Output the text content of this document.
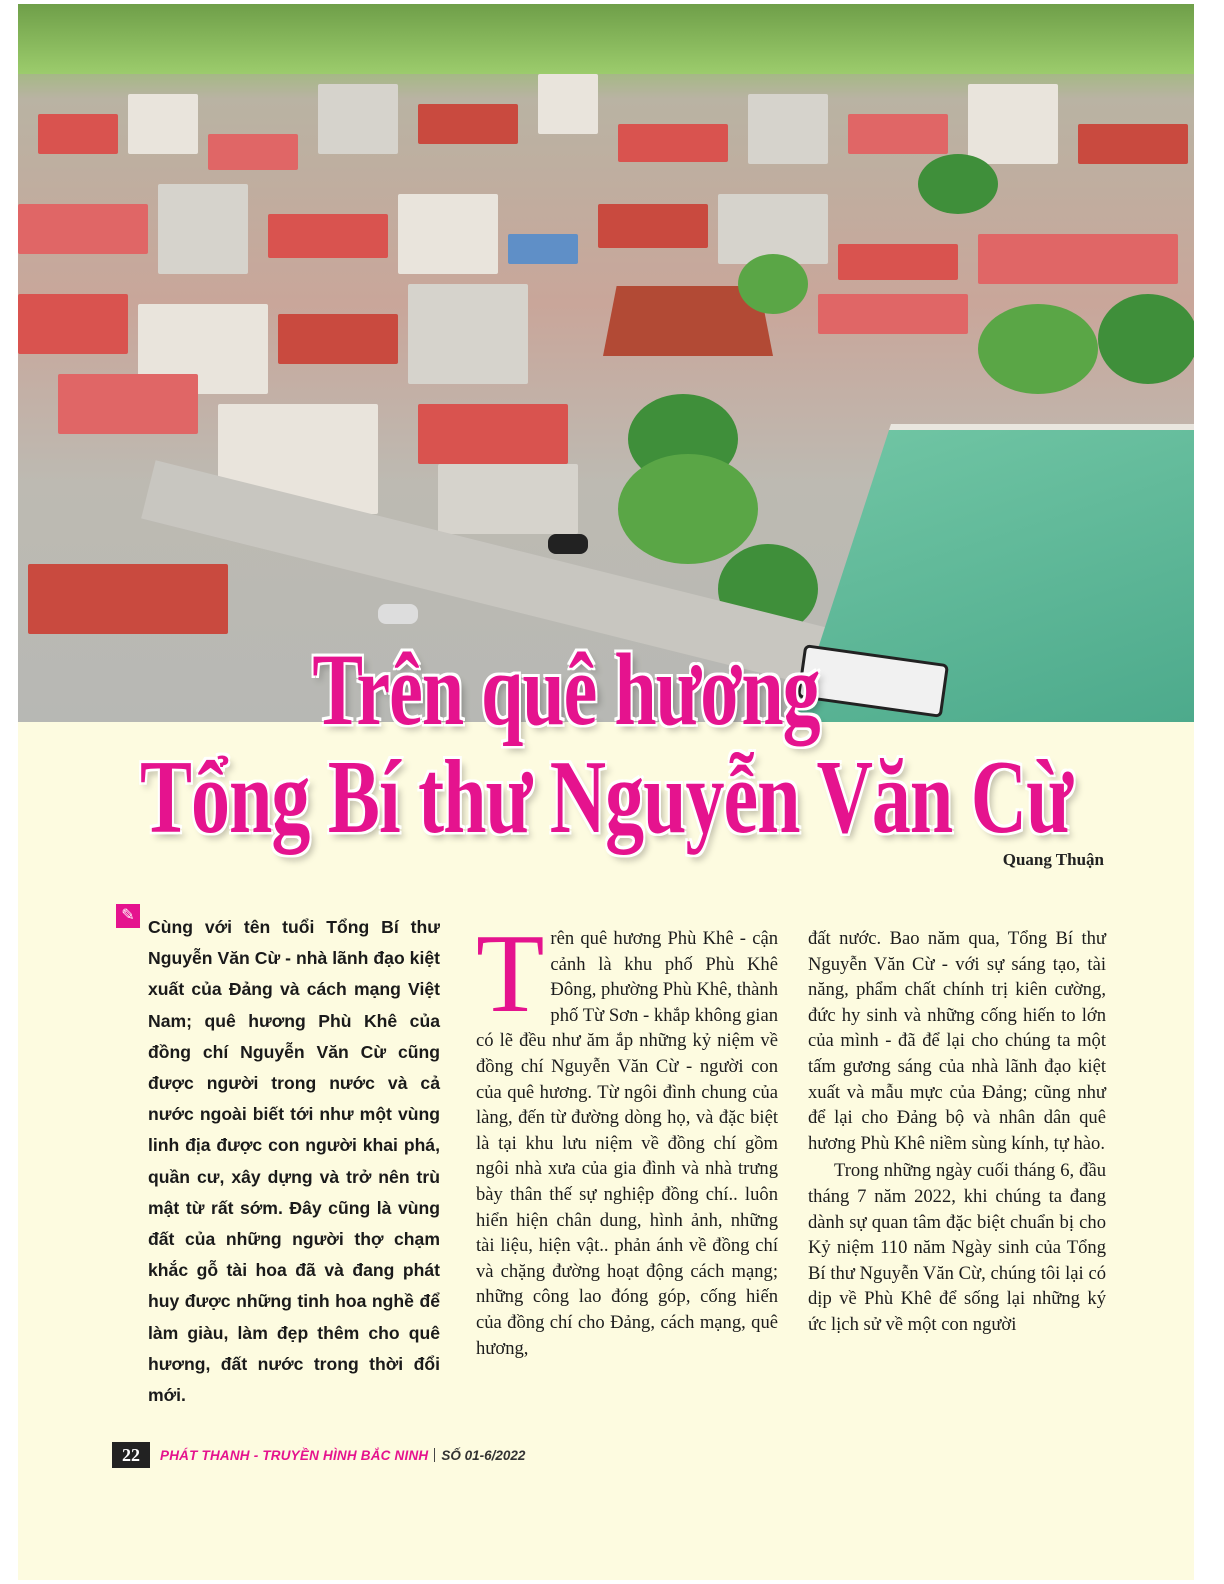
Trên quê hương
Tổng Bí thư Nguyễn Văn Cừ
Quang Thuận
✎

Cùng với tên tuổi Tổng Bí thư Nguyễn Văn Cừ - nhà lãnh đạo kiệt xuất của Đảng và cách mạng Việt Nam; quê hương Phù Khê của đồng chí Nguyễn Văn Cừ cũng được người trong nước và cả nước ngoài biết tới như một vùng linh địa được con người khai phá, quần cư, xây dựng và trở nên trù mật từ rất sớm. Đây cũng là vùng đất của những người thợ chạm khắc gỗ tài hoa đã và đang phát huy được những tinh hoa nghề để làm giàu, làm đẹp thêm cho quê hương, đất nước trong thời đổi mới.

Trên quê hương Phù Khê - cận cảnh là khu phố Phù Khê Đông, phường Phù Khê, thành phố Từ Sơn - khắp không gian có lẽ đều như ăm ắp những kỷ niệm về đồng chí Nguyễn Văn Cừ - người con của quê hương. Từ ngôi đình chung của làng, đến từ đường dòng họ, và đặc biệt là tại khu lưu niệm về đồng chí gồm ngôi nhà xưa của gia đình và nhà trưng bày thân thế sự nghiệp đồng chí.. luôn hiển hiện chân dung, hình ảnh, những tài liệu, hiện vật.. phản ánh về đồng chí và chặng đường hoạt động cách mạng; những công lao đóng góp, cống hiến của đồng chí cho Đảng, cách mạng, quê hương,

đất nước. Bao năm qua, Tổng Bí thư Nguyễn Văn Cừ - với sự sáng tạo, tài năng, phẩm chất chính trị kiên cường, đức hy sinh và những cống hiến to lớn của mình - đã để lại cho chúng ta một tấm gương sáng của nhà lãnh đạo kiệt xuất và mẫu mực của Đảng; cũng như để lại cho Đảng bộ và nhân dân quê hương Phù Khê niềm sùng kính, tự hào.
Trong những ngày cuối tháng 6, đầu tháng 7 năm 2022, khi chúng ta đang dành sự quan tâm đặc biệt chuẩn bị cho Kỷ niệm 110 năm Ngày sinh của Tổng Bí thư Nguyễn Văn Cừ, chúng tôi lại có dịp về Phù Khê để sống lại những ký ức lịch sử về một con người

22	PHÁT THANH - TRUYỀN HÌNH BẮC NINH SỐ 01-6/2022
